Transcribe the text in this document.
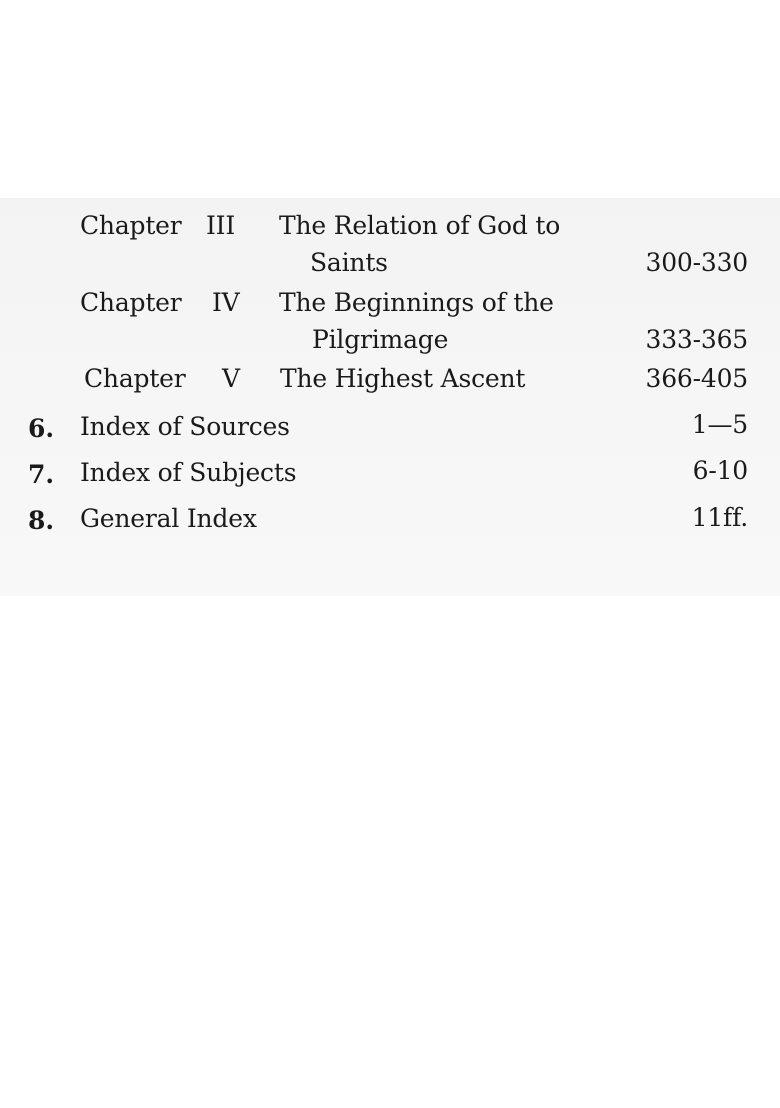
Chapter III The Relation of God to
Saints	300-330
Chapter IV The Beginnings of the
Pilgrimage	333-365
Chapter V The Highest Ascent	366-405
6. Index of Sources	1—5
7. Index of Subjects	6-10
8. General Index	11ff.
